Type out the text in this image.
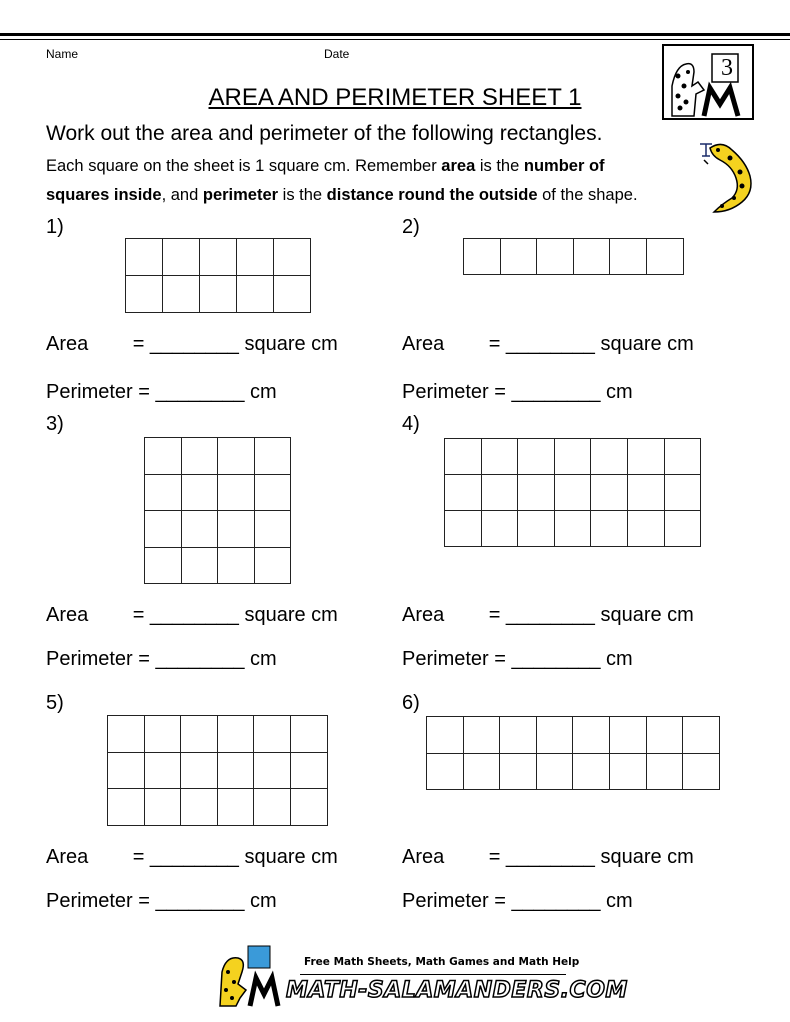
Name	Date
3
AREA AND PERIMETER SHEET 1
Work out the area and perimeter of the following rectangles.
Each square on the sheet is 1 square cm. Remember area is the number of
squares inside, and perimeter is the distance round the outside of the shape.
1)
Area        = ________ square cm
Perimeter = ________ cm
2)
Area        = ________ square cm
Perimeter = ________ cm
3)
Area        = ________ square cm
Perimeter = ________ cm
4)
Area        = ________ square cm
Perimeter = ________ cm
5)
Area        = ________ square cm
Perimeter = ________ cm
6)
Area        = ________ square cm
Perimeter = ________ cm
Free Math Sheets, Math Games and Math Help
MATH-SALAMANDERS.COM
